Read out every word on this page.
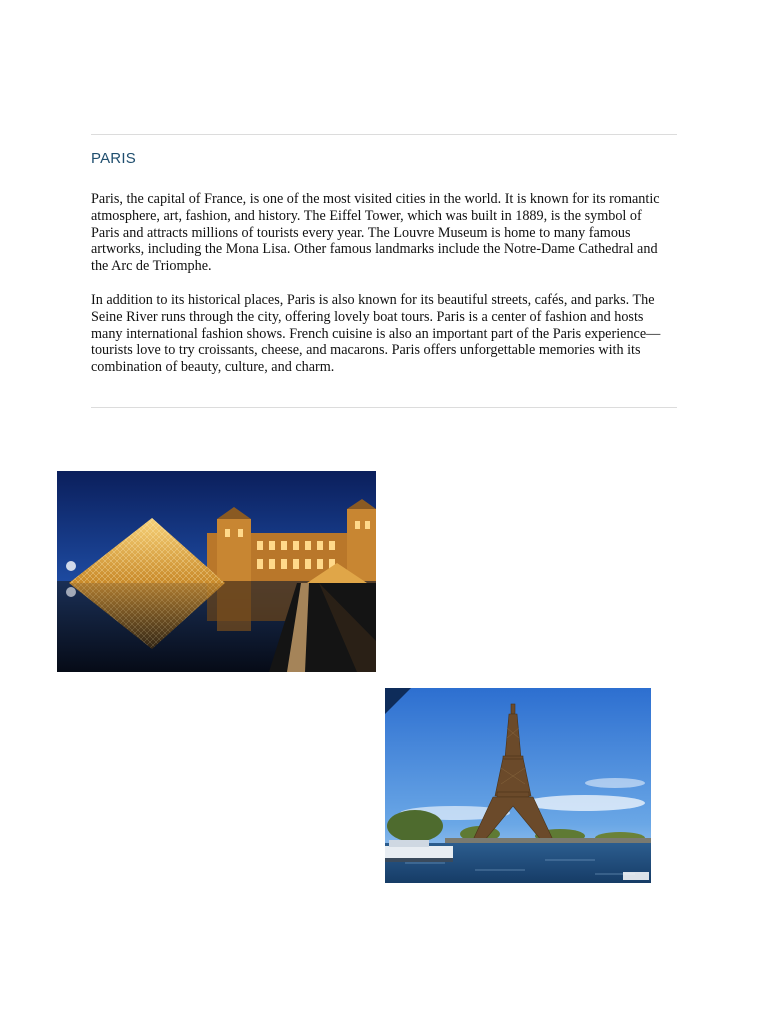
PARIS

Paris, the capital of France, is one of the most visited cities in the world. It is known for its romantic atmosphere, art, fashion, and history. The Eiffel Tower, which was built in 1889, is the symbol of Paris and attracts millions of tourists every year. The Louvre Museum is home to many famous artworks, including the Mona Lisa. Other famous landmarks include the Notre-Dame Cathedral and the Arc de Triomphe.

In addition to its historical places, Paris is also known for its beautiful streets, cafés, and parks. The Seine River runs through the city, offering lovely boat tours. Paris is a center of fashion and hosts many international fashion shows. French cuisine is also an important part of the Paris experience—tourists love to try croissants, cheese, and macarons. Paris offers unforgettable memories with its combination of beauty, culture, and charm.
